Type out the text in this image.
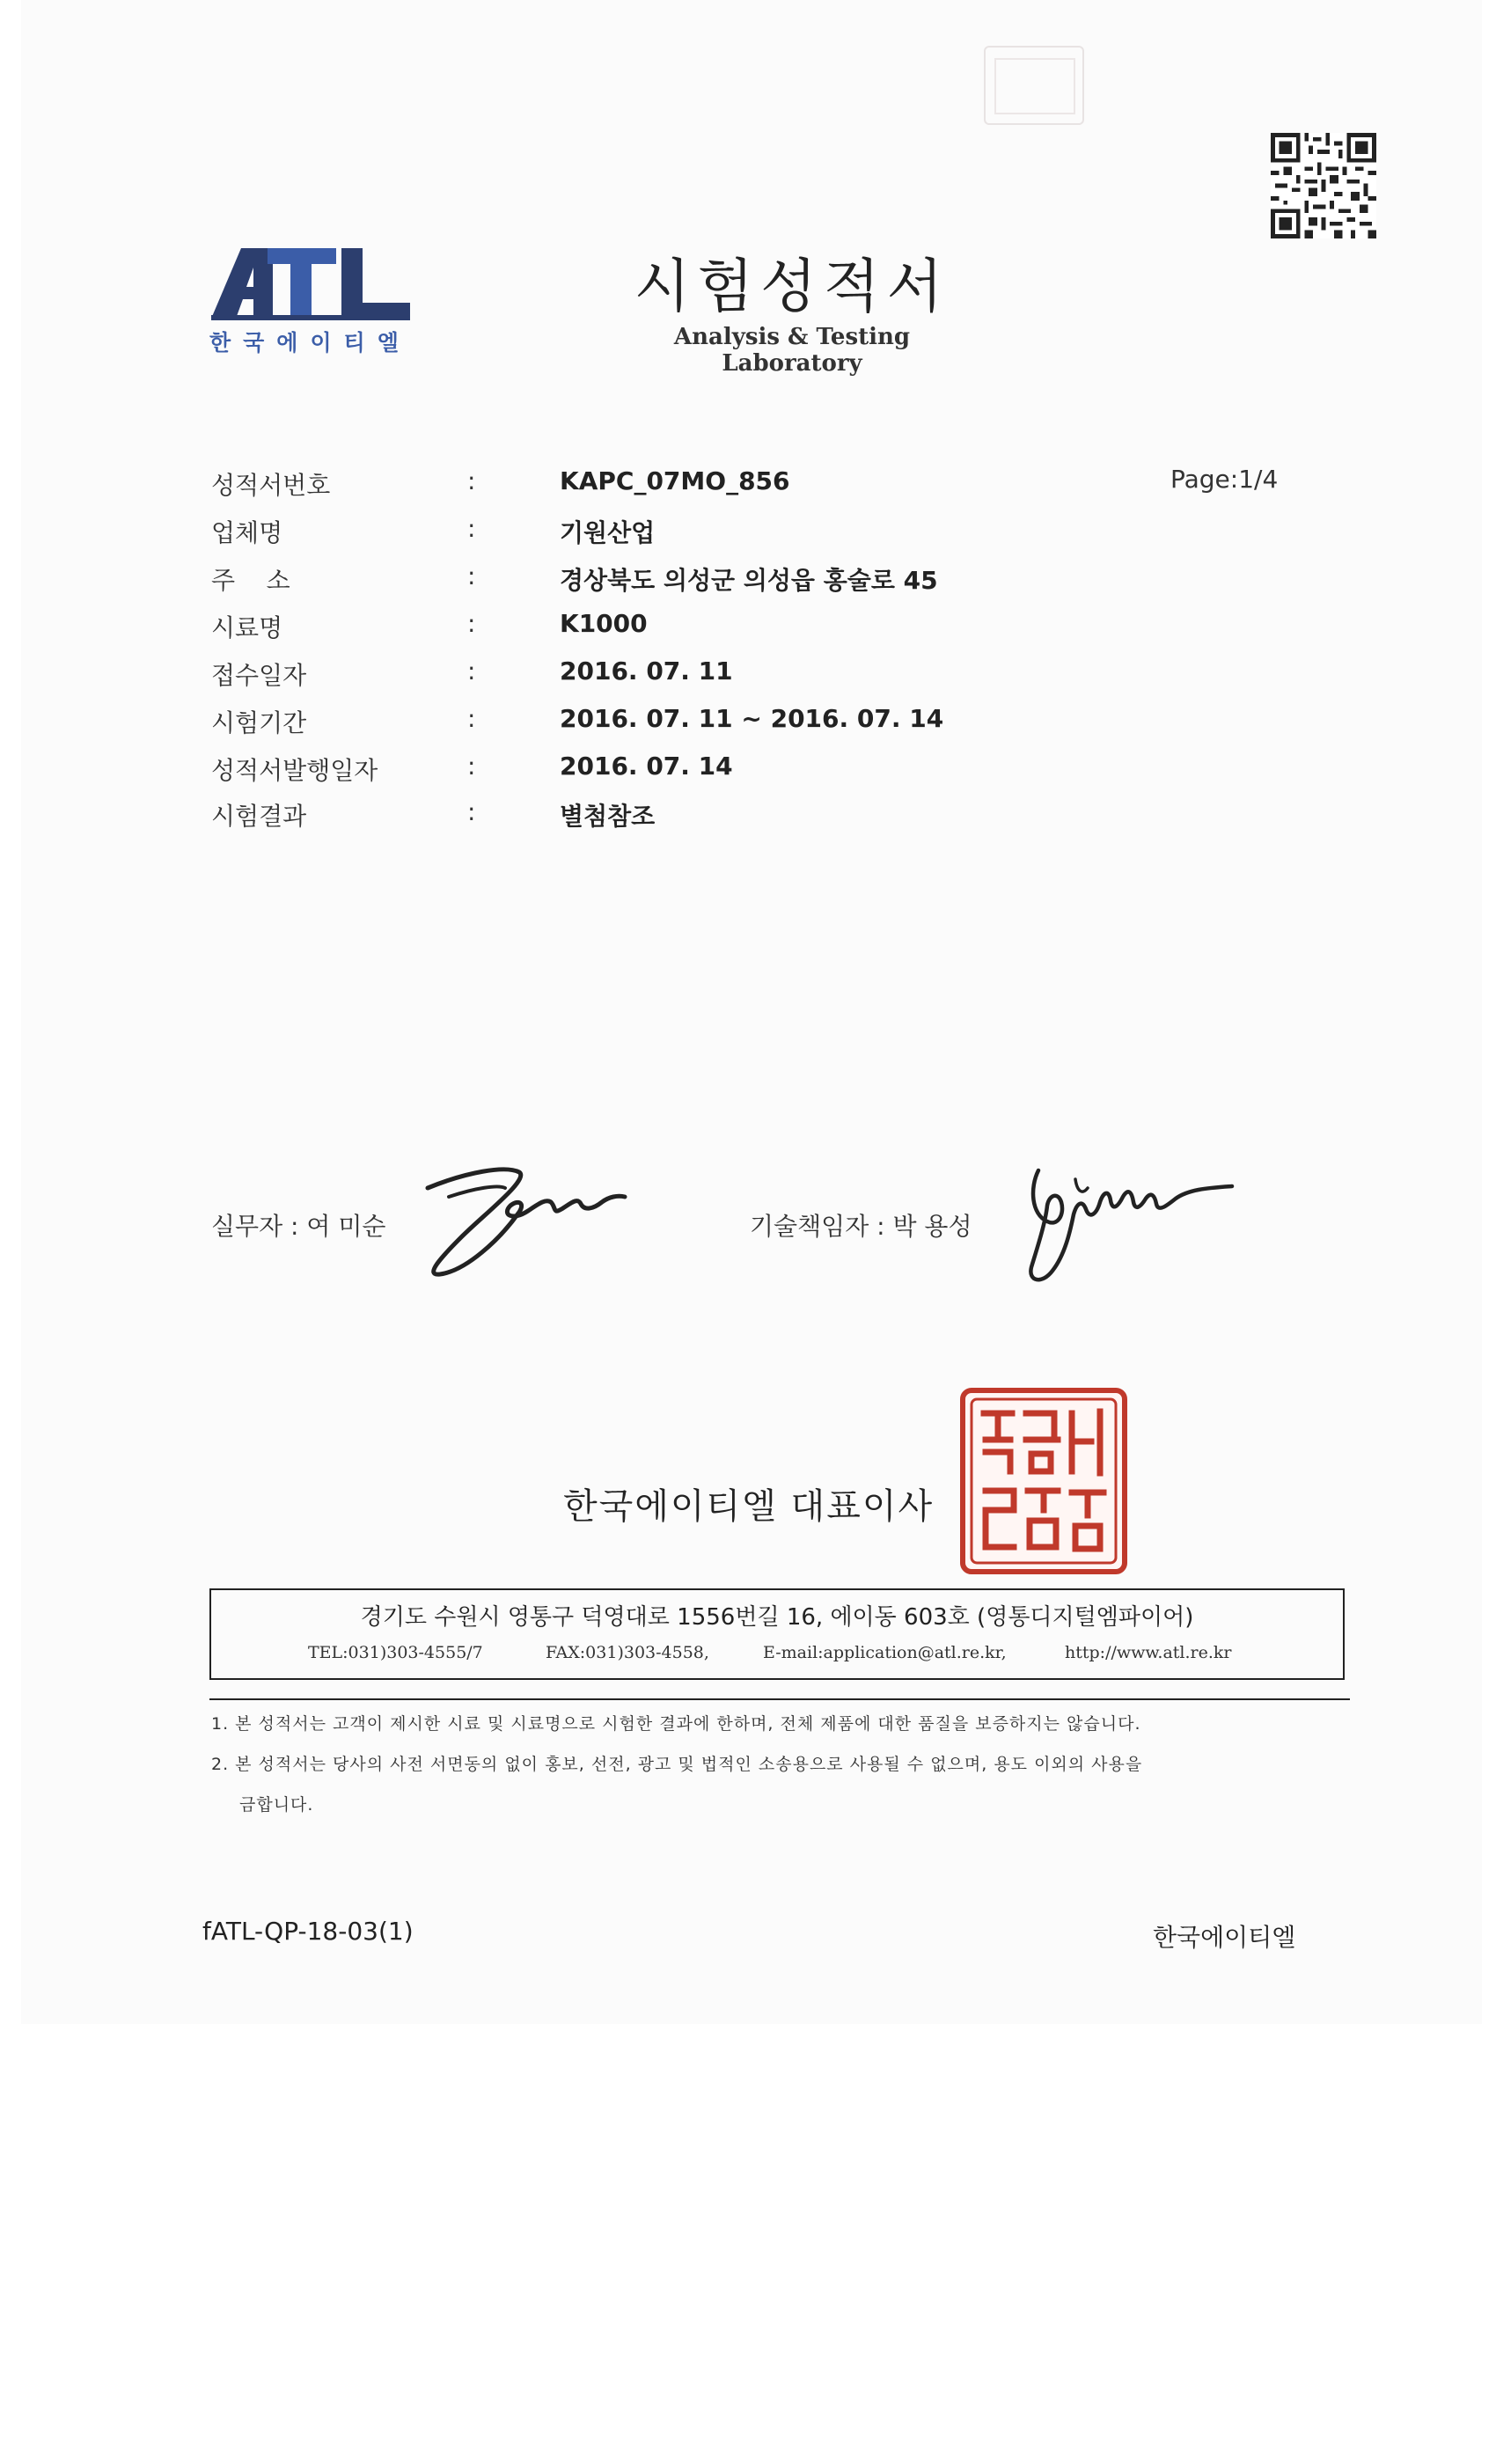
한국에이티엘
시험성적서
Analysis & Testing Laboratory
Page:1/4
성적서번호	:	KAPC_07MO_856
업체명	:	기원산업
주    소	:	경상북도 의성군 의성읍 홍술로 45
시료명	:	K1000
접수일자	:	2016. 07. 11
시험기간	:	2016. 07. 11 ~ 2016. 07. 14
성적서발행일자	:	2016. 07. 14
시험결과	:	별첨참조
실무자 : 여 미순	기술책임자 : 박 용성
한국에이티엘 대표이사
경기도 수원시 영통구 덕영대로 1556번길 16, 에이동 603호 (영통디지털엠파이어)
TEL:031)303-4555/7	FAX:031)303-4558,	E-mail:application@atl.re.kr,	http://www.atl.re.kr
1. 본 성적서는 고객이 제시한 시료 및 시료명으로 시험한 결과에 한하며, 전체 제품에 대한 품질을 보증하지는 않습니다.
2. 본 성적서는 당사의 사전 서면동의 없이 홍보, 선전, 광고 및 법적인 소송용으로 사용될 수 없으며, 용도 이외의 사용을
금합니다.
fATL-QP-18-03(1)	한국에이티엘
